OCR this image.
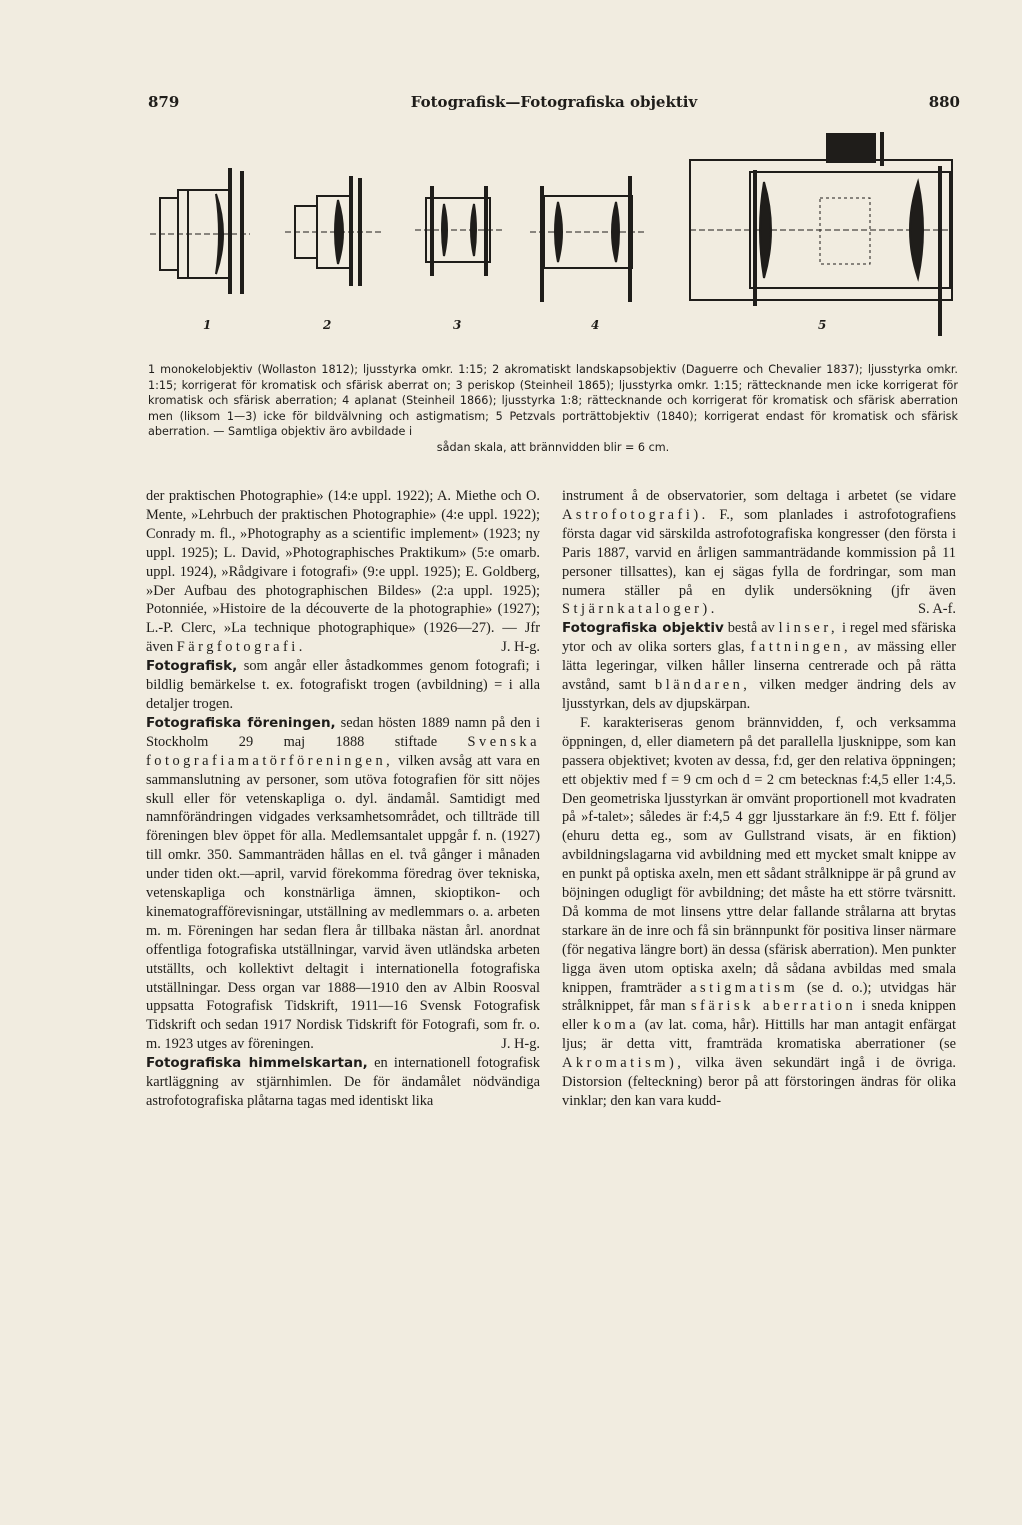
879	Fotografisk—Fotografiska objektiv	880
1	2	3	4	5
1 monokelobjektiv (Wollaston 1812); ljusstyrka omkr. 1:15; 2 akromatiskt landskapsobjektiv (Daguerre och Chevalier 1837); ljusstyrka omkr. 1:15; korrigerat för kromatisk och sfärisk aberrat on; 3 periskop (Steinheil 1865); ljusstyrka omkr. 1:15; rättecknande men icke korrigerat för kromatisk och sfärisk aberration; 4 aplanat (Steinheil 1866); ljusstyrka 1:8; rättecknande och korrigerat för kromatisk och sfärisk aberration men (liksom 1—3) icke för bildvälvning och astigmatism; 5 Petzvals porträttobjektiv (1840); korrigerat endast för kromatisk och sfärisk aberration. — Samtliga objektiv äro avbildade i
sådan skala, att brännvidden blir = 6 cm.

der praktischen Photographie» (14:e uppl. 1922); A. Miethe och O. Mente, »Lehrbuch der praktischen Photographie» (4:e uppl. 1922); Conrady m. fl., »Photography as a scientific implement» (1923; ny uppl. 1925); L. David, »Photographisches Praktikum» (5:e omarb. uppl. 1924), »Rådgivare i fotografi» (9:e uppl. 1925); E. Goldberg, »Der Aufbau des photographischen Bildes» (2:a uppl. 1925); Potonniée, »Histoire de la découverte de la photographie» (1927); L.-P. Clerc, »La technique photographique» (1926—27). — Jfr även Färgfotografi.	J. H-g.

Fotografisk, som angår eller åstadkommes genom fotografi; i bildlig bemärkelse t. ex. fotografiskt trogen (avbildning) = i alla detaljer trogen.

Fotografiska föreningen, sedan hösten 1889 namn på den i Stockholm 29 maj 1888 stiftade Svenska fotografiamatörföreningen, vilken avsåg att vara en sammanslutning av personer, som utöva fotografien för sitt nöjes skull eller för vetenskapliga o. dyl. ändamål. Samtidigt med namnförändringen vidgades verksamhetsområdet, och tillträde till föreningen blev öppet för alla. Medlemsantalet uppgår f. n. (1927) till omkr. 350. Sammanträden hållas en el. två gånger i månaden under tiden okt.—april, varvid förekomma föredrag över tekniska, vetenskapliga och konstnärliga ämnen, skioptikon- och kinematografförevisningar, utställning av medlemmars o. a. arbeten m. m. Föreningen har sedan flera år tillbaka nästan årl. anordnat offentliga fotografiska utställningar, varvid även utländska arbeten utställts, och kollektivt deltagit i internationella fotografiska utställningar. Dess organ var 1888—1910 den av Albin Roosval uppsatta Fotografisk Tidskrift, 1911—16 Svensk Fotografisk Tidskrift och sedan 1917 Nordisk Tidskrift för Fotografi, som fr. o. m. 1923 utges av föreningen.	J. H-g.

Fotografiska himmelskartan, en internationell fotografisk kartläggning av stjärnhimlen. De för ändamålet nödvändiga astrofotografiska plåtarna tagas med identiskt lika

instrument å de observatorier, som deltaga i arbetet (se vidare Astrofotografi). F., som planlades i astrofotografiens första dagar vid särskilda astrofotografiska kongresser (den första i Paris 1887, varvid en årligen sammanträdande kommission på 11 personer tillsattes), kan ej sägas fylla de fordringar, som man numera ställer på en dylik undersökning (jfr även Stjärnkataloger).	S. A-f.

Fotografiska objektiv bestå av linser, i regel med sfäriska ytor och av olika sorters glas, fattningen, av mässing eller lätta legeringar, vilken håller linserna centrerade och på rätta avstånd, samt bländaren, vilken medger ändring dels av ljusstyrkan, dels av djupskärpan.

F. karakteriseras genom brännvidden, f, och verksamma öppningen, d, eller diametern på det parallella ljusknippe, som kan passera objektivet; kvoten av dessa, f:d, ger den relativa öppningen; ett objektiv med f = 9 cm och d = 2 cm betecknas f:4,5 eller 1:4,5. Den geometriska ljusstyrkan är omvänt proportionell mot kvadraten på »f-talet»; således är f:4,5 4 ggr ljusstarkare än f:9. Ett f. följer (ehuru detta eg., som av Gullstrand visats, är en fiktion) avbildningslagarna vid avbildning med ett mycket smalt knippe av en punkt på optiska axeln, men ett sådant strålknippe är på grund av böjningen odugligt för avbildning; det måste ha ett större tvärsnitt. Då komma de mot linsens yttre delar fallande strålarna att brytas starkare än de inre och få sin brännpunkt för positiva linser närmare (för negativa längre bort) än dessa (sfärisk aberration). Men punkter ligga även utom optiska axeln; då sådana avbildas med smala knippen, framträder astigmatism (se d. o.); utvidgas här strålknippet, får man sfärisk aberration i sneda knippen eller koma (av lat. coma, hår). Hittills har man antagit enfärgat ljus; är detta vitt, framträda kromatiska aberrationer (se Akromatism), vilka även sekundärt ingå i de övriga. Distorsion (felteckning) beror på att förstoringen ändras för olika vinklar; den kan vara kudd-
